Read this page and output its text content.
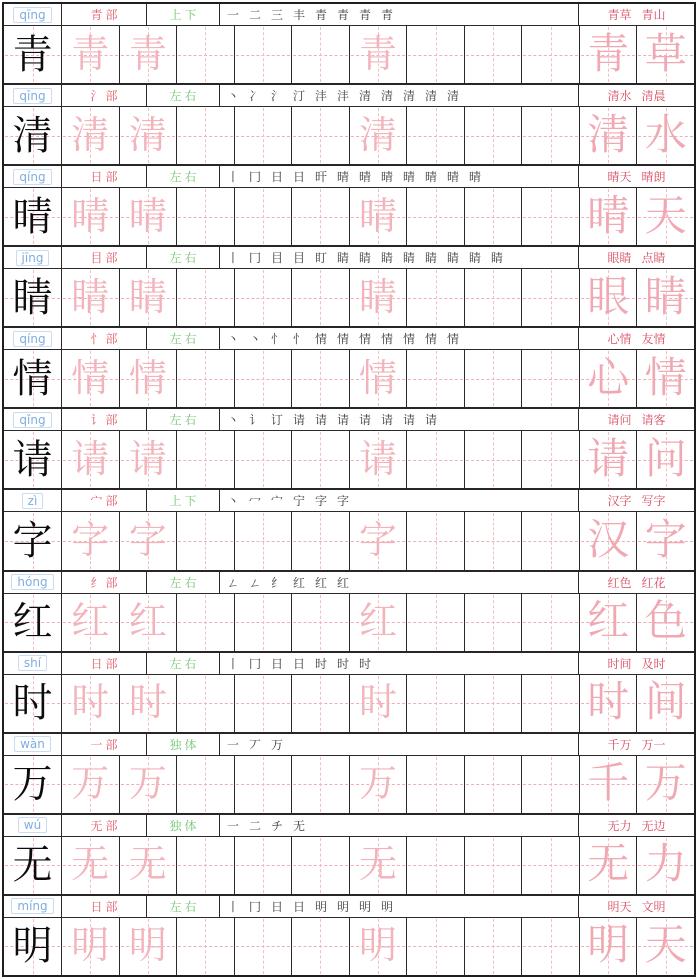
qīng	青部	上下 一 二 三 丰 青 青 青 青	青草 青山
青 青 青	青	青 草
qīng	氵部	左右 丶 冫 氵 汀 沣 沣 清 清 清 清 清	清水 清晨
清 清 清	清	清 水
qíng	日部	左右 丨 冂 日 日 旰 晴 晴 晴 晴 晴 晴 晴	晴天 晴朗
晴 晴 晴	晴	晴 天
jīng	目部	左右 丨 冂 目 目 盯 睛 睛 睛 睛 睛 睛 睛 睛	眼睛 点睛
睛 睛 睛	睛	眼 睛
qíng	忄部	左右 丶 丶 忄 忄 情 情 情 情 情 情 情	心情 友情
情 情 情	情	心 情
qǐng	讠部	左右 丶 讠 订 请 请 请 请 请 请 请	请问 请客
请 请 请	请	请 问
zì	宀部	上下 丶 冖 宀 宁 字 字	汉字 写字
字 字 字	字	汉 字
hóng	纟部	左右 ㄥ ㄥ 纟 红 红 红	红色 红花
红 红 红	红	红 色
shí	日部	左右 丨 冂 日 日 时 时 时	时间 及时
时 时 时	时	时 间
wàn	一部	独体 一 丆 万	千万 万一
万 万 万	万	千 万
wú	无部	独体 一 二 チ 无	无力 无边
无 无 无	无	无 力
míng	日部	左右 丨 冂 日 日 明 明 明 明	明天 文明
明 明 明	明	明 天
